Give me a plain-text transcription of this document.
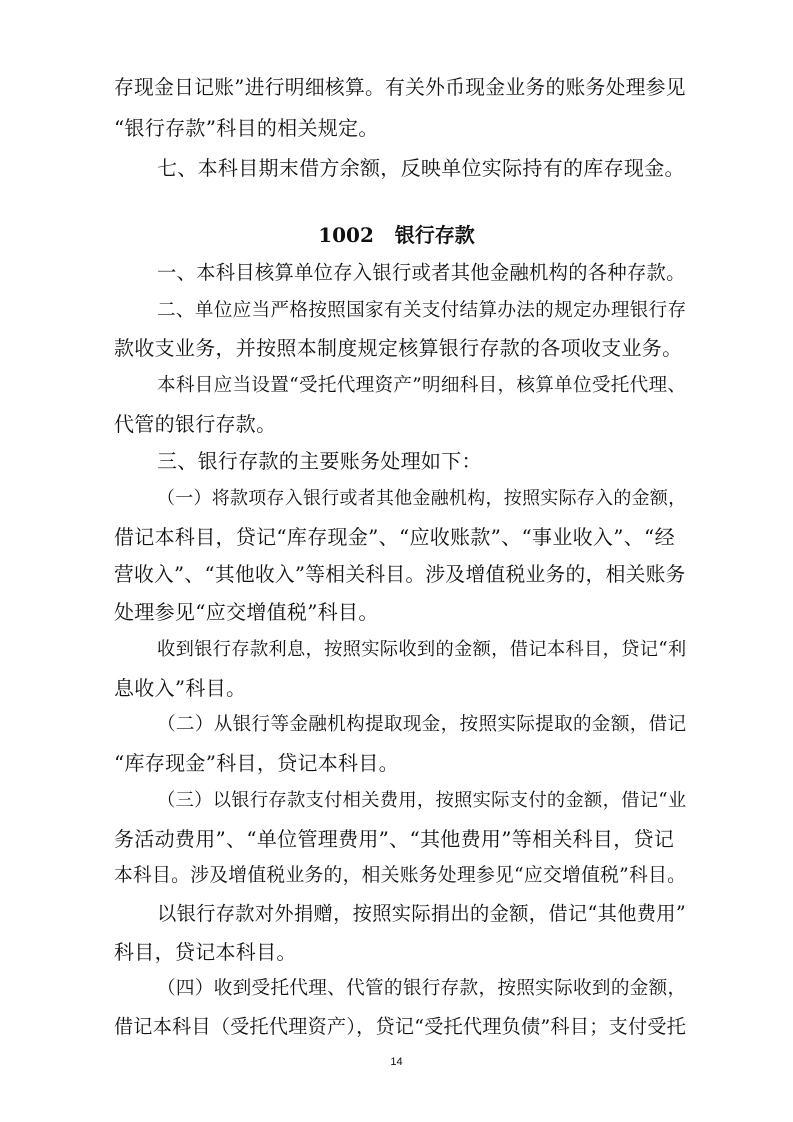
存现金日记账”进行明细核算。有关外币现金业务的账务处理参见
“银行存款”科目的相关规定。
七、本科目期末借方余额，反映单位实际持有的库存现金。
1002   银行存款
一、本科目核算单位存入银行或者其他金融机构的各种存款。
二、单位应当严格按照国家有关支付结算办法的规定办理银行存
款收支业务，并按照本制度规定核算银行存款的各项收支业务。
本科目应当设置“受托代理资产”明细科目，核算单位受托代理、
代管的银行存款。
三、银行存款的主要账务处理如下：
（一）将款项存入银行或者其他金融机构，按照实际存入的金额，
借记本科目，贷记“库存现金”、“应收账款”、“事业收入”、“经
营收入”、“其他收入”等相关科目。涉及增值税业务的，相关账务
处理参见“应交增值税”科目。
收到银行存款利息，按照实际收到的金额，借记本科目，贷记“利
息收入”科目。
（二）从银行等金融机构提取现金，按照实际提取的金额，借记
“库存现金”科目，贷记本科目。
（三）以银行存款支付相关费用，按照实际支付的金额，借记“业
务活动费用”、“单位管理费用”、“其他费用”等相关科目，贷记
本科目。涉及增值税业务的，相关账务处理参见“应交增值税”科目。
以银行存款对外捐赠，按照实际捐出的金额，借记“其他费用”
科目，贷记本科目。
（四）收到受托代理、代管的银行存款，按照实际收到的金额，
借记本科目（受托代理资产），贷记“受托代理负债”科目；支付受托
14
